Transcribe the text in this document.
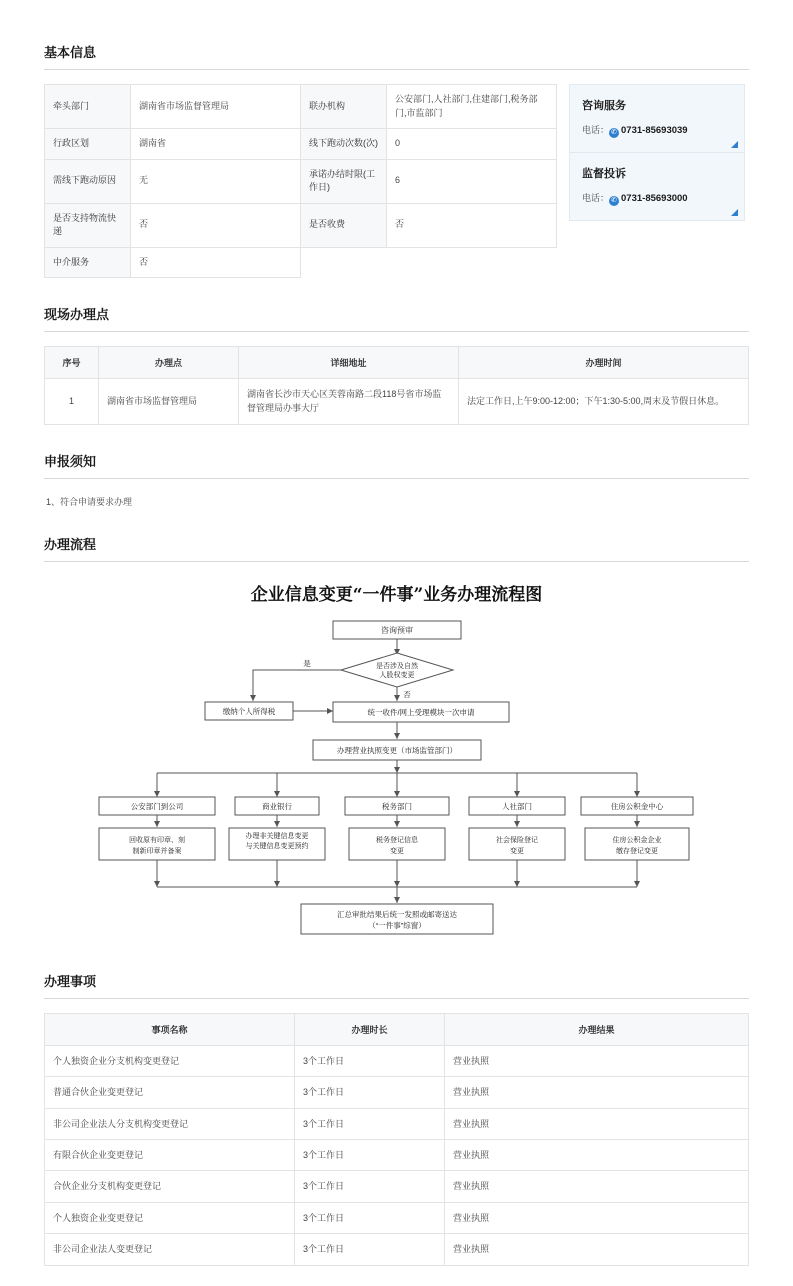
基本信息
牵头部门	湖南省市场监督管理局	联办机构	公安部门,人社部门,住建部门,税务部门,市监部门
行政区划	湖南省	线下跑动次数(次)	0
需线下跑动原因	无	承诺办结时限(工作日)	6
是否支持物流快递	否	是否收费	否
中介服务	否		
咨询服务
电话： ✆ 0731-85693039
监督投诉
电话： ✆ 0731-85693000
现场办理点
序号	办理点	详细地址	办理时间
1	湖南省市场监督管理局	湖南省长沙市天心区芙蓉南路二段118号省市场监督管理局办事大厅	法定工作日,上午9:00-12:00；下午1:30-5:00,周末及节假日休息。
申报须知
1、符合申请要求办理
办理流程
企业信息变更“一件事”业务办理流程图
咨询预审
是否涉及自然
人股权变更
是
否
缴纳个人所得税	统一收件/网上受理模块一次申请
办理营业执照变更（市场监管部门）
公安部门到公司	商业银行	税务部门	人社部门	住房公积金中心
回收原有印章、刻
制新印章并备案
办理非关键信息变更
与关键信息变更预约
税务登记信息
变更
社会保险登记
变更
住房公积金企业
缴存登记变更
汇总审批结果后统一发照或邮寄送达
（“一件事”综窗）
办理事项
事项名称	办理时长	办理结果
个人独资企业分支机构变更登记	3个工作日	营业执照
普通合伙企业变更登记	3个工作日	营业执照
非公司企业法人分支机构变更登记	3个工作日	营业执照
有限合伙企业变更登记	3个工作日	营业执照
合伙企业分支机构变更登记	3个工作日	营业执照
个人独资企业变更登记	3个工作日	营业执照
非公司企业法人变更登记	3个工作日	营业执照
